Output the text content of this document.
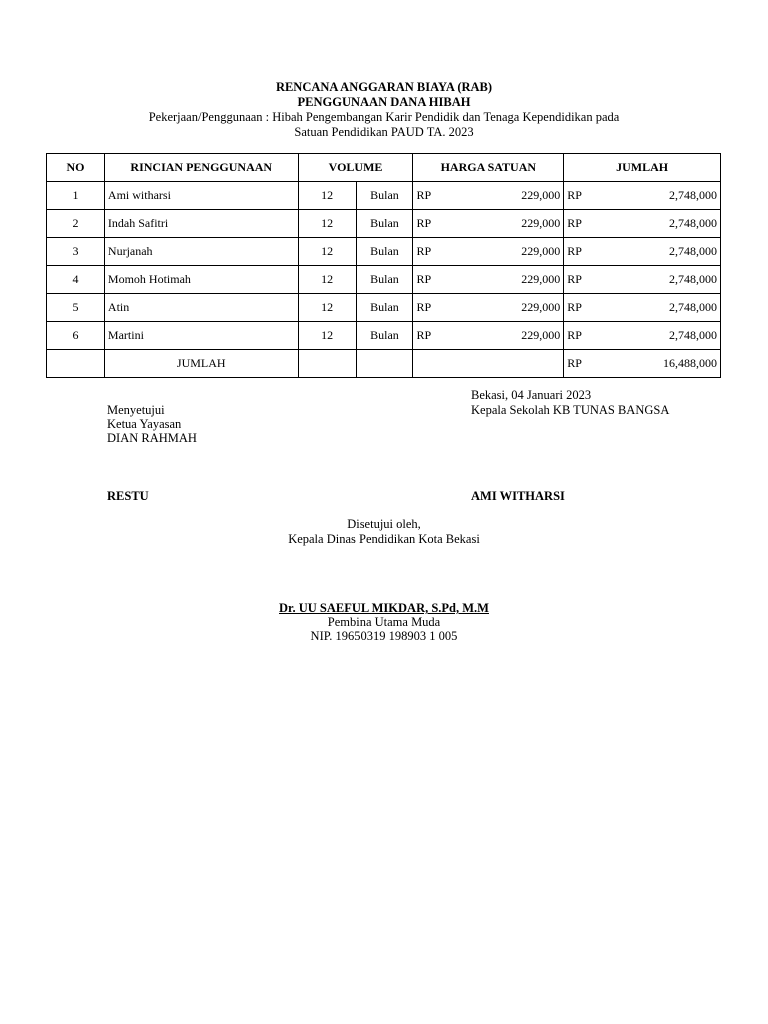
RENCANA ANGGARAN BIAYA (RAB)
PENGGUNAAN DANA HIBAH
Pekerjaan/Penggunaan : Hibah Pengembangan Karir Pendidik dan Tenaga Kependidikan pada
Satuan Pendidikan PAUD TA. 2023
NO	RINCIAN PENGGUNAAN	VOLUME		HARGA SATUAN	JUMLAH
1	Ami witharsi	12	Bulan	RP 229,000	RP 2,748,000

2	Indah Safitri	12	Bulan	RP 229,000	RP 2,748,000

3	Nurjanah	12	Bulan	RP 229,000	RP 2,748,000

4	Momoh Hotimah	12	Bulan	RP 229,000	RP 2,748,000

5	Atin	12	Bulan	RP 229,000	RP 2,748,000

6	Martini	12	Bulan	RP 229,000	RP 2,748,000

	JUMLAH				RP 16,488,000
Bekasi, 04 Januari 2023
Kepala Sekolah KB TUNAS BANGSA
Menyetujui
Ketua Yayasan
DIAN RAHMAH
RESTU	AMI WITHARSI
Disetujui oleh,
Kepala Dinas Pendidikan Kota Bekasi
Dr. UU SAEFUL MIKDAR, S.Pd, M.M
Pembina Utama Muda
NIP. 19650319 198903 1 005
